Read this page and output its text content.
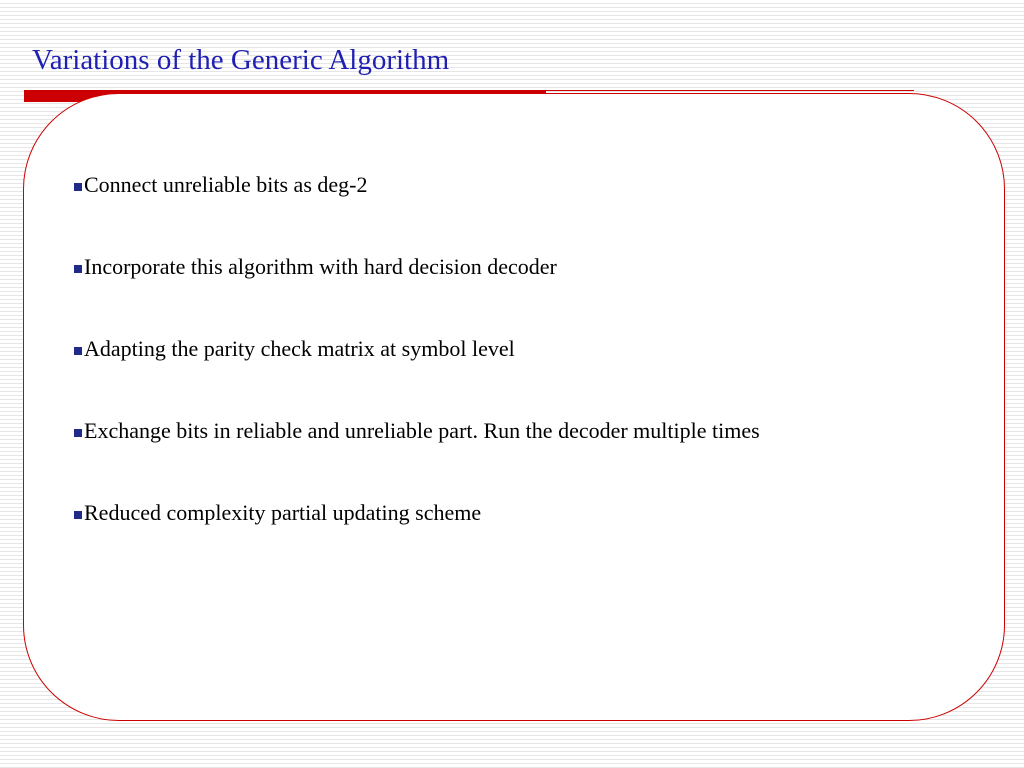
Variations of the Generic Algorithm
Connect unreliable bits as deg-2
Incorporate this algorithm with hard decision decoder
Adapting the parity check matrix at symbol level
Exchange bits in reliable and unreliable part. Run the decoder multiple times
Reduced complexity partial updating scheme
